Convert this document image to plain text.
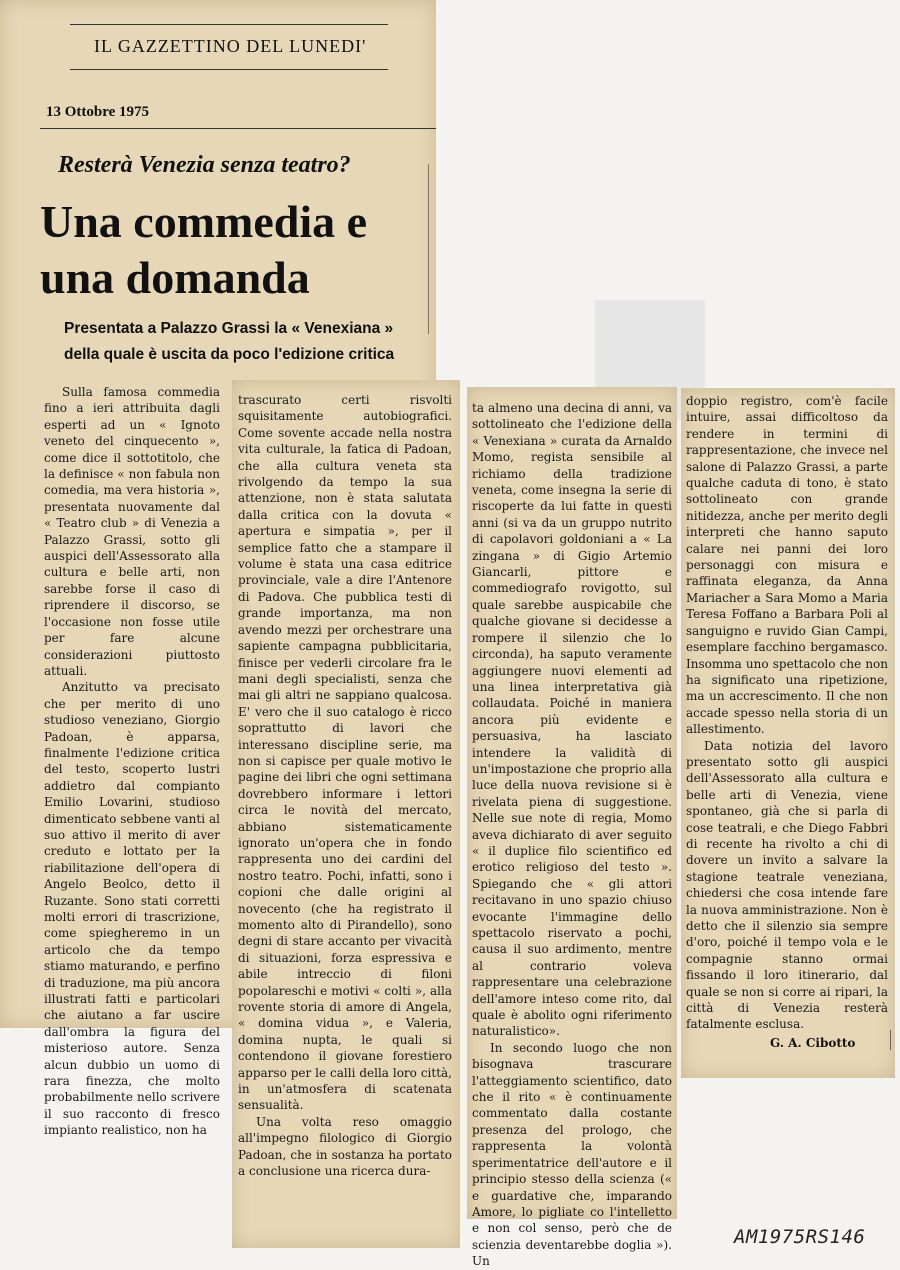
IL GAZZETTINO DEL LUNEDI'
13 Ottobre 1975
Resterà Venezia senza teatro?
Una commedia e una domanda
Presentata a Palazzo Grassi la « Venexiana » della quale è uscita da poco l'edizione critica

Sulla famosa commedia fino a ieri attribuita dagli esperti ad un « Ignoto veneto del cinquecento », come dice il sottotitolo, che la definisce « non fabula non comedia, ma vera historia », presentata nuovamente dal « Teatro club » di Venezia a Palazzo Grassi, sotto gli auspici dell'Assessorato alla cultura e belle arti, non sarebbe forse il caso di riprendere il discorso, se l'occasione non fosse utile per fare alcune considerazioni piuttosto attuali.

Anzitutto va precisato che per merito di uno studioso veneziano, Giorgio Padoan, è apparsa, finalmente l'edizione critica del testo, scoperto lustri addietro dal compianto Emilio Lovarini, studioso dimenticato sebbene vanti al suo attivo il merito di aver creduto e lottato per la riabilitazione dell'opera di Angelo Beolco, detto il Ruzante. Sono stati corretti molti errori di trascrizione, come spiegheremo in un articolo che da tempo stiamo maturando, e perfino di traduzione, ma più ancora illustrati fatti e particolari che aiutano a far uscire dall'ombra la figura del misterioso autore. Senza alcun dubbio un uomo di rara finezza, che molto probabilmente nello scrivere il suo racconto di fresco impianto realistico, non ha

trascurato certi risvolti squisitamente autobiografici. Come sovente accade nella nostra vita culturale, la fatica di Padoan, che alla cultura veneta sta rivolgendo da tempo la sua attenzione, non è stata salutata dalla critica con la dovuta « apertura e simpatia », per il semplice fatto che a stampare il volume è stata una casa editrice provinciale, vale a dire l'Antenore di Padova. Che pubblica testi di grande importanza, ma non avendo mezzi per orchestrare una sapiente campagna pubblicitaria, finisce per vederli circolare fra le mani degli specialisti, senza che mai gli altri ne sappiano qualcosa. E' vero che il suo catalogo è ricco soprattutto di lavori che interessano discipline serie, ma non si capisce per quale motivo le pagine dei libri che ogni settimana dovrebbero informare i lettori circa le novità del mercato, abbiano sistematicamente ignorato un'opera che in fondo rappresenta uno dei cardini del nostro teatro. Pochi, infatti, sono i copioni che dalle origini al novecento (che ha registrato il momento alto di Pirandello), sono degni di stare accanto per vivacità di situazioni, forza espressiva e abile intreccio di filoni popolareschi e motivi « colti », alla rovente storia di amore di Angela, « domina vidua », e Valeria, domina nupta, le quali si contendono il giovane forestiero apparso per le calli della loro città, in un'atmosfera di scatenata sensualità.

Una volta reso omaggio all'impegno filologico di Giorgio Padoan, che in sostanza ha portato a conclusione una ricerca dura-

ta almeno una decina di anni, va sottolineato che l'edizione della « Venexiana » curata da Arnaldo Momo, regista sensibile al richiamo della tradizione veneta, come insegna la serie di riscoperte da lui fatte in questi anni (si va da un gruppo nutrito di capolavori goldoniani a « La zingana » di Gigio Artemio Giancarli, pittore e commediografo rovigotto, sul quale sarebbe auspicabile che qualche giovane si decidesse a rompere il silenzio che lo circonda), ha saputo veramente aggiungere nuovi elementi ad una linea interpretativa già collaudata. Poiché in maniera ancora più evidente e persuasiva, ha lasciato intendere la validità di un'impostazione che proprio alla luce della nuova revisione si è rivelata piena di suggestione. Nelle sue note di regia, Momo aveva dichiarato di aver seguito « il duplice filo scientifico ed erotico religioso del testo ». Spiegando che « gli attori recitavano in uno spazio chiuso evocante l'immagine dello spettacolo riservato a pochi, causa il suo ardimento, mentre al contrario voleva rappresentare una celebrazione dell'amore inteso come rito, dal quale è abolito ogni riferimento naturalistico».

In secondo luogo che non bisognava trascurare l'atteggiamento scientifico, dato che il rito « è continuamente commentato dalla costante presenza del prologo, che rappresenta la volontà sperimentatrice dell'autore e il principio stesso della scienza (« e guardative che, imparando Amore, lo pigliate co l'intelletto e non col senso, però che de scienzia deventarebbe doglia »). Un

doppio registro, com'è facile intuire, assai difficoltoso da rendere in termini di rappresentazione, che invece nel salone di Palazzo Grassi, a parte qualche caduta di tono, è stato sottolineato con grande nitidezza, anche per merito degli interpreti che hanno saputo calare nei panni dei loro personaggi con misura e raffinata eleganza, da Anna Mariacher a Sara Momo a Maria Teresa Foffano a Barbara Poli al sanguigno e ruvido Gian Campi, esemplare facchino bergamasco. Insomma uno spettacolo che non ha significato una ripetizione, ma un accrescimento. Il che non accade spesso nella storia di un allestimento.

Data notizia del lavoro presentato sotto gli auspici dell'Assessorato alla cultura e belle arti di Venezia, viene spontaneo, già che si parla di cose teatrali, e che Diego Fabbri di recente ha rivolto a chi di dovere un invito a salvare la stagione teatrale veneziana, chiedersi che cosa intende fare la nuova amministrazione. Non è detto che il silenzio sia sempre d'oro, poiché il tempo vola e le compagnie stanno ormai fissando il loro itinerario, dal quale se non si corre ai ripari, la città di Venezia resterà fatalmente esclusa.

G. A. Cibotto
AM1975RS146
